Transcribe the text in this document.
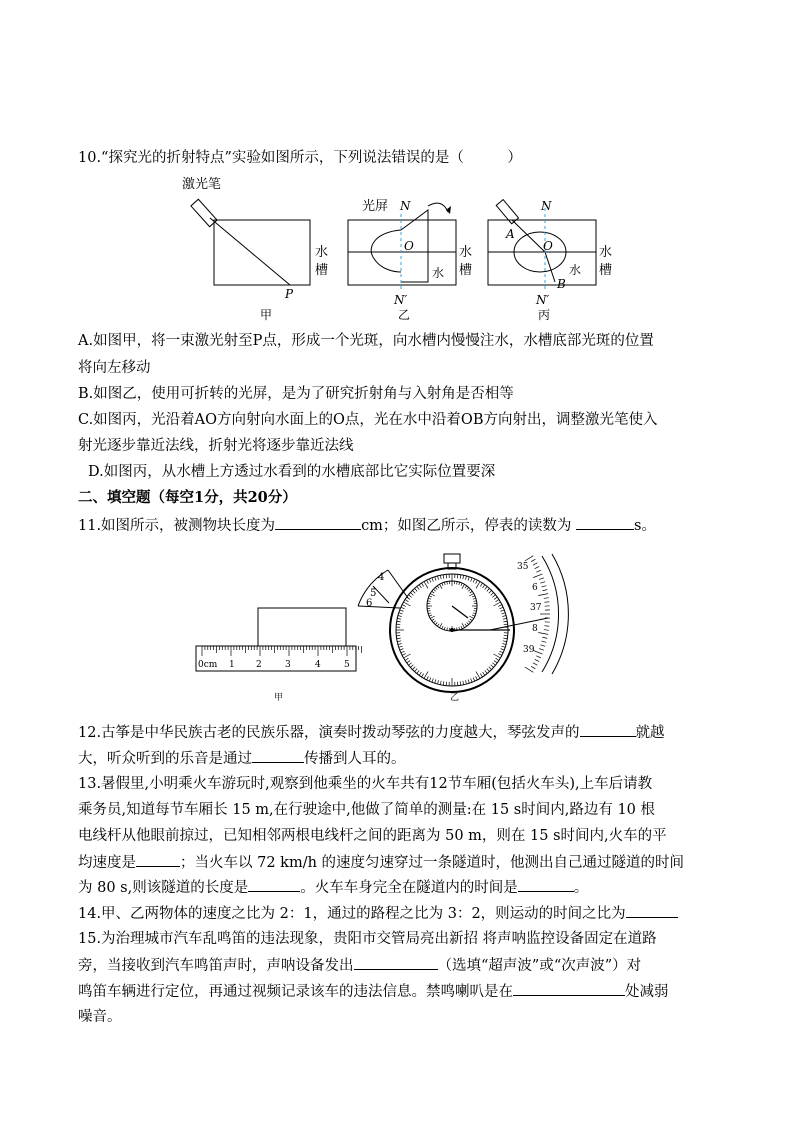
10.“探究光的折射特点”实验如图所示，下列说法错误的是（　　　）
激光笔
水
槽
P
甲
光屏 N
O
水
水
槽
N′
乙
N
A
O
水
B
水
槽
N′
丙
A.如图甲，将一束激光射至P点，形成一个光斑，向水槽内慢慢注水，水槽底部光斑的位置
将向左移动
B.如图乙，使用可折转的光屏，是为了研究折射角与入射角是否相等
C.如图丙，光沿着AO方向射向水面上的O点，光在水中沿着OB方向射出，调整激光笔使入
射光逐步靠近法线，折射光将逐步靠近法线
D.如图丙，从水槽上方透过水看到的水槽底部比它实际位置要深
二、填空题（每空1分，共20分）
11.如图所示，被测物块长度为	cm；如图乙所示，停表的读数为	s。
0cm 1 2	3	4	5
甲
4
5
6
35
6
37
8
39
乙
12.古筝是中华民族古老的民族乐器，演奏时拨动琴弦的力度越大，琴弦发声的	就越
大，听众听到的乐音是通过	传播到人耳的。
13.暑假里,小明乘火车游玩时,观察到他乘坐的火车共有12节车厢(包括火车头),上车后请教
乘务员,知道每节车厢长 15 m,在行驶途中,他做了简单的测量:在 15 s时间内,路边有 10 根
电线杆从他眼前掠过，已知相邻两根电线杆之间的距离为 50 m，则在 15 s时间内,火车的平
均速度是	；当火车以 72 km/h 的速度匀速穿过一条隧道时，他测出自己通过隧道的时间
为 80 s,则该隧道的长度是	。火车车身完全在隧道内的时间是	。
14.甲、乙两物体的速度之比为 2：1，通过的路程之比为 3：2，则运动的时间之比为
15.为治理城市汽车乱鸣笛的违法现象，贵阳市交管局亮出新招 将声呐监控设备固定在道路
旁，当接收到汽车鸣笛声时，声呐设备发出	（选填“超声波”或“次声波”）对
鸣笛车辆进行定位，再通过视频记录该车的违法信息。禁鸣喇叭是在	处减弱
噪音。
